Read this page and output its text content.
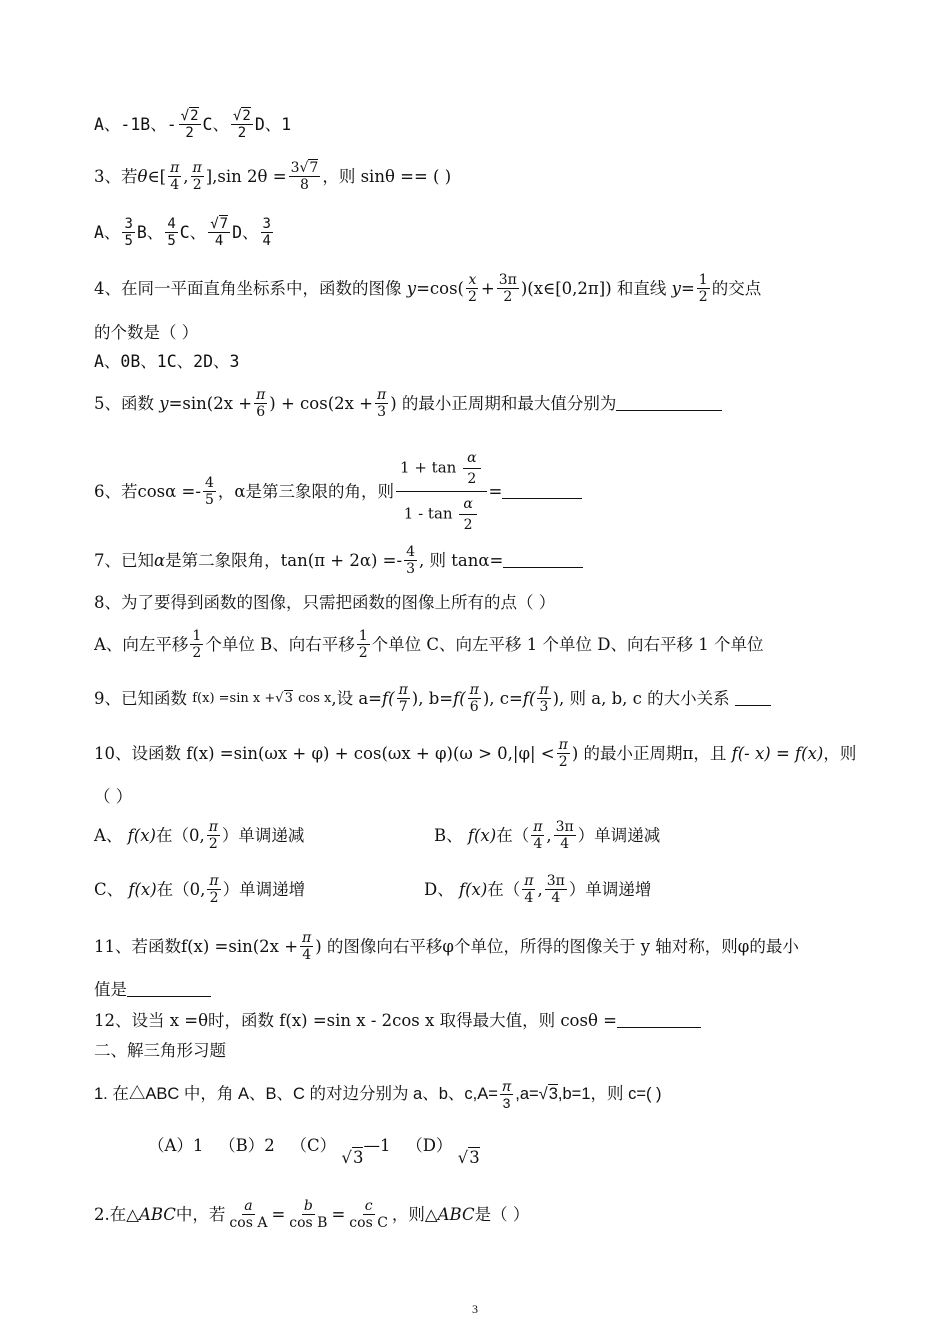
A、-1B、- $\frac{√2}{2}$ C、 $\frac{√2}{2}$ D、1
3、若 θ ∈[ $\frac{\pi}{4}$ , $\frac{\pi}{2} ],\sin$ $2\theta = \frac{3√7}{8}$ ，则 sinθ == ( )
A、 $\frac{3}{5}$ B、 $\frac{4}{5}$ C、 $\frac{√7}{4}$ D、 $\frac{3}{4}$
4、在同一平面直角坐标系中，函数的图像
$y =\cos( \frac{x}{2} + \frac{3\pi}{2}$ )(x∈[0,2π]) 和直线
$y = \frac{1}{2}$ 的交点
的个数是（ ）
A、0B、1C、2D、3
5、函数
$y =\sin(2x + \frac{\pi}{6}$ ) + $\cos(2x + \frac{\pi}{3}$ ) 的最小正周期和最大值分别为
6、若 $\cos\alpha =- \frac{4}{5}$ ，α是第三象限的角，则 $\frac{1 + \tan \frac{\alpha}{2}}{1 - \tan \frac{\alpha}{2}}$ =
7、已知 α 是第二象限角， $\tan(\pi + 2\alpha) =- \frac{4}{3}$ , 则 tanα=
8、为了要得到函数的图像，只需把函数的图像上所有的点（ ）
A、向左平移 $\frac{1}{2}$ 个单位 B、向右平移 $\frac{1}{2}$ 个单位 C、向左平移 1 个单位 D、向右平移 1 个单位
9、已知函数
f(x) =sin x + √3
cos x , 设 $a= f( \frac{\pi}{7}$ ), $b= f( \frac{\pi}{6}$ ), $c= f( \frac{\pi}{3}$ ), 则 a, b, c 的大小关系

10、设函数
$f(x) =\sin(\omega x + \varphi) + \cos(\omega x + \varphi)(\omega > 0,|\varphi| < \frac{\pi}{2}$ ) 的最小正周期π，且
f(- x) = f(x) ，则
（ ）
A、
f(x) 在（0, $\frac{\pi}{2}$ ）单调递减	B、
f(x) 在（ $\frac{\pi}{4}$ , $\frac{3\pi}{4}$ ）单调递减
C、
f(x) 在（0, $\frac{\pi}{2}$ ）单调递增	D、
f(x) 在（ $\frac{\pi}{4}$ , $\frac{3\pi}{4}$ ）单调递增
11、若函数 $f(x) =\sin(2x + \frac{\pi}{4}$ ) 的图像向右平移φ个单位，所得的图像关于 y 轴对称，则φ的最小
值是
12、设当 x =θ时，函数 f(x) =sin x - 2cos x 取得最大值，则 cosθ =
二、解三角形习题
1. 在△ABC 中，角 A、B、C 的对边分别为 a、b、$c,A= \frac{\pi}{3} ,a= √3$ ,b=1，则 c=( )
（A）1
（B）2
（C）

√3
—1
（D）

√3
2.在△ ABC 中，若 $\frac{a}{\text{cos A}} = \frac{b}{\text{cos B}} = \frac{c}{\text{cos C}}$ ，则△ ABC 是（ ）
3
